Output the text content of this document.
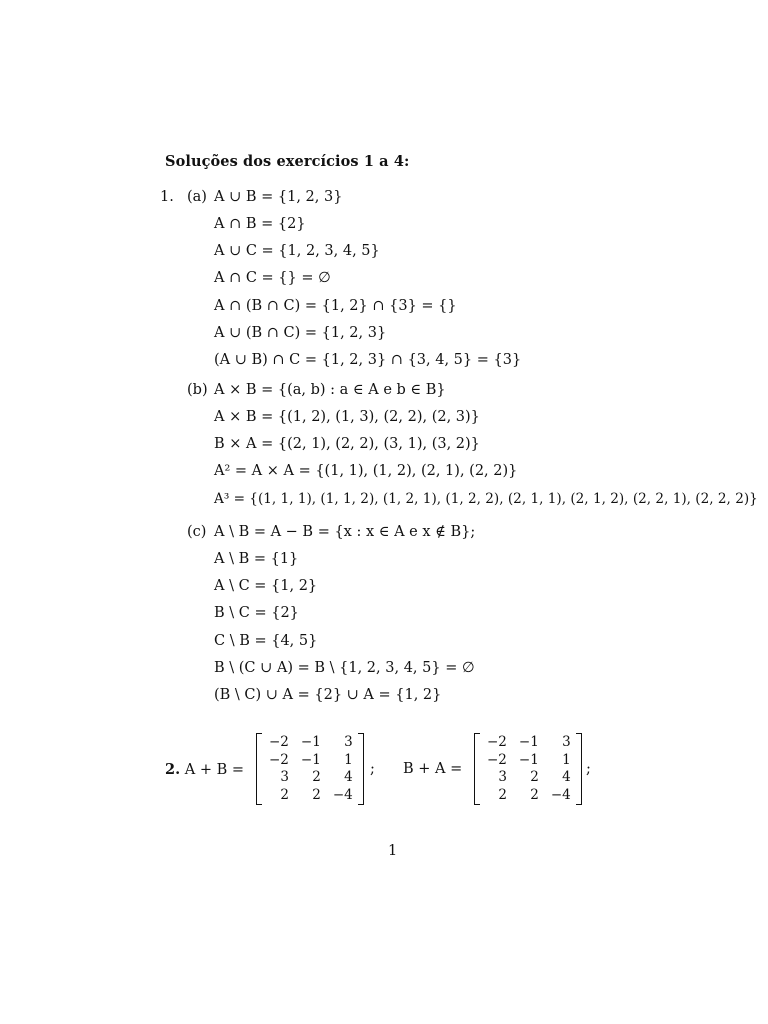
Soluções dos exercícios 1 a 4:
1. (a) A ∪ B = {1, 2, 3}
A ∩ B = {2}
A ∪ C = {1, 2, 3, 4, 5}
A ∩ C = {} = ∅
A ∩ (B ∩ C) = {1, 2} ∩ {3} = {}
A ∪ (B ∩ C) = {1, 2, 3}
(A ∪ B) ∩ C = {1, 2, 3} ∩ {3, 4, 5} = {3}
(b) A × B = {(a, b) : a ∈ A e b ∈ B}
A × B = {(1, 2), (1, 3), (2, 2), (2, 3)}
B × A = {(2, 1), (2, 2), (3, 1), (3, 2)}
A² = A × A = {(1, 1), (1, 2), (2, 1), (2, 2)}
A³ = {(1, 1, 1), (1, 1, 2), (1, 2, 1), (1, 2, 2), (2, 1, 1), (2, 1, 2), (2, 2, 1), (2, 2, 2)}
(c) A \ B = A − B = {x : x ∈ A e x ∉ B};
A \ B = {1}
A \ C = {1, 2}
B \ C = {2}
C \ B = {4, 5}
B \ (C ∪ A) = B \ {1, 2, 3, 4, 5} = ∅
(B \ C) ∪ A = {2} ∪ A = {1, 2}
2. A + B =
−2	−1	3
−2	−1	1
3	2	4
2	2	−4
; B + A =
−2	−1	3
−2	−1	1
3	2	4
2	2	−4
;
1
